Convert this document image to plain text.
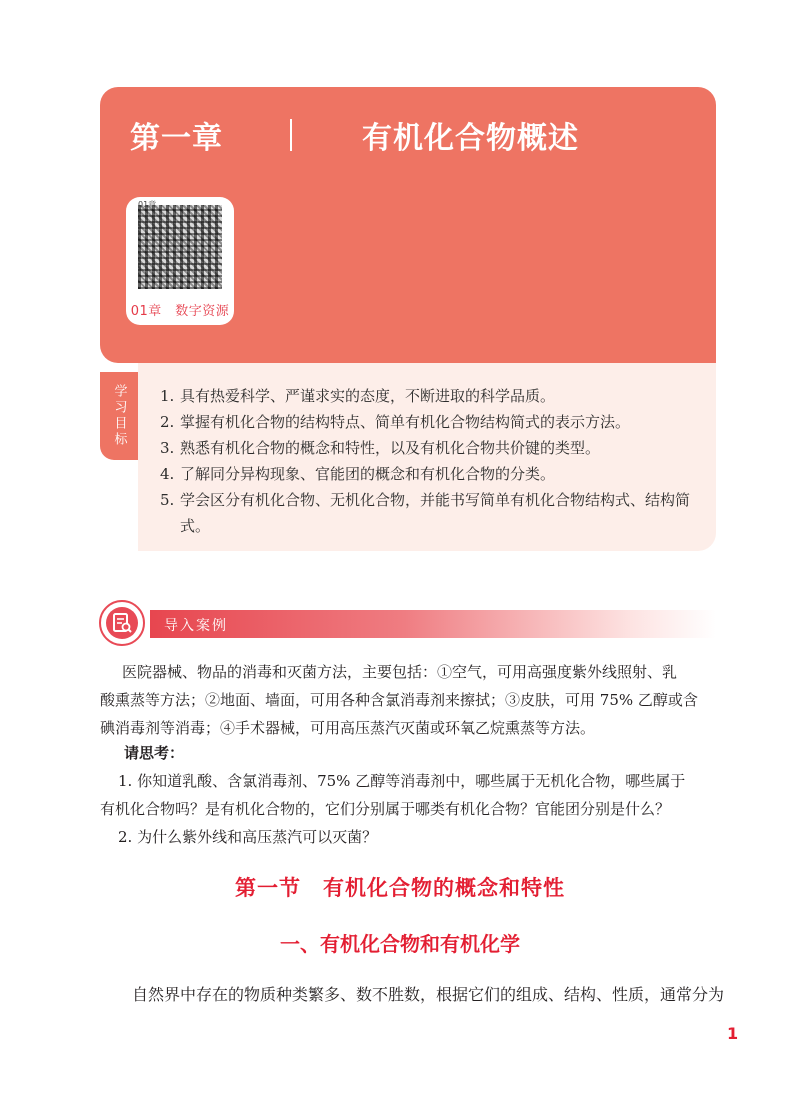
第一章	有机化合物概述
01章
01章　数字资源
学习目标 1. 具有热爱科学、严谨求实的态度，不断进取的科学品质。
2. 掌握有机化合物的结构特点、简单有机化合物结构简式的表示方法。
3. 熟悉有机化合物的概念和特性，以及有机化合物共价键的类型。
4. 了解同分异构现象、官能团的概念和有机化合物的分类。
5. 学会区分有机化合物、无机化合物，并能书写简单有机化合物结构式、结构简式。
导入案例
医院器械、物品的消毒和灭菌方法，主要包括：①空气，可用高强度紫外线照射、乳
酸熏蒸等方法；②地面、墙面，可用各种含氯消毒剂来擦拭；③皮肤，可用 75% 乙醇或含
碘消毒剂等消毒；④手术器械，可用高压蒸汽灭菌或环氧乙烷熏蒸等方法。
请思考：
1. 你知道乳酸、含氯消毒剂、75% 乙醇等消毒剂中，哪些属于无机化合物，哪些属于
有机化合物吗？是有机化合物的，它们分别属于哪类有机化合物？官能团分别是什么？
2. 为什么紫外线和高压蒸汽可以灭菌？
第一节　有机化合物的概念和特性
一、有机化合物和有机化学
自然界中存在的物质种类繁多、数不胜数，根据它们的组成、结构、性质，通常分为
1
